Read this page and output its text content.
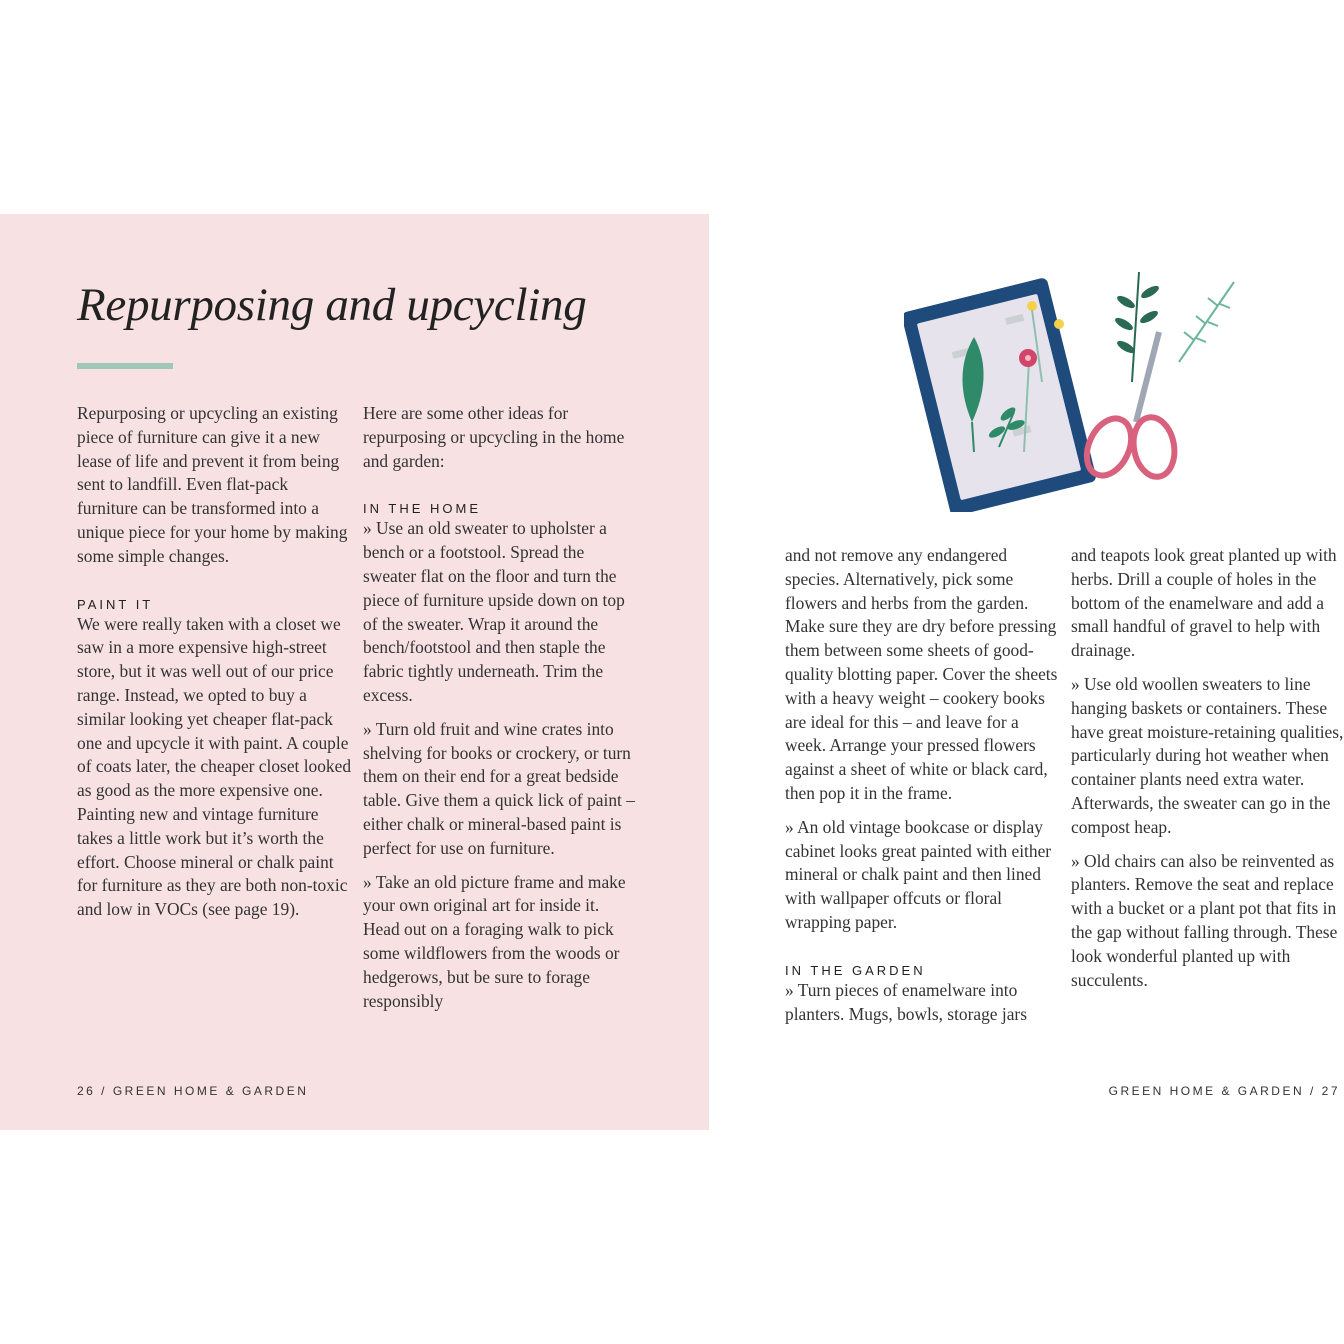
Repurposing and upcycling

Repurposing or upcycling an existing piece of furniture can give it a new lease of life and prevent it from being sent to landfill. Even flat-pack furniture can be transformed into a unique piece for your home by making some simple changes.

PAINT IT

We were really taken with a closet we saw in a more expensive high-street store, but it was well out of our price range. Instead, we opted to buy a similar looking yet cheaper flat-pack one and upcycle it with paint. A couple of coats later, the cheaper closet looked as good as the more expensive one. Painting new and vintage furniture takes a little work but it’s worth the effort. Choose mineral or chalk paint for furniture as they are both non-toxic and low in VOCs (see page 19).

Here are some other ideas for repurposing or upcycling in the home and garden:

IN THE HOME

» Use an old sweater to upholster a bench or a footstool. Spread the sweater flat on the floor and turn the piece of furniture upside down on top of the sweater. Wrap it around the bench/footstool and then staple the fabric tightly underneath. Trim the excess.

» Turn old fruit and wine crates into shelving for books or crockery, or turn them on their end for a great bedside table. Give them a quick lick of paint – either chalk or mineral-based paint is perfect for use on furniture.

» Take an old picture frame and make your own original art for inside it. Head out on a foraging walk to pick some wildflowers from the woods or hedgerows, but be sure to forage responsibly

26 / GREEN HOME & GARDEN

and not remove any endangered species. Alternatively, pick some flowers and herbs from the garden. Make sure they are dry before pressing them between some sheets of good-quality blotting paper. Cover the sheets with a heavy weight – cookery books are ideal for this – and leave for a week. Arrange your pressed flowers against a sheet of white or black card, then pop it in the frame.

» An old vintage bookcase or display cabinet looks great painted with either mineral or chalk paint and then lined with wallpaper offcuts or floral wrapping paper.

IN THE GARDEN

» Turn pieces of enamelware into planters. Mugs, bowls, storage jars

and teapots look great planted up with herbs. Drill a couple of holes in the bottom of the enamelware and add a small handful of gravel to help with drainage.

» Use old woollen sweaters to line hanging baskets or containers. These have great moisture-retaining qualities, particularly during hot weather when container plants need extra water. Afterwards, the sweater can go in the compost heap.

» Old chairs can also be reinvented as planters. Remove the seat and replace with a bucket or a plant pot that fits in the gap without falling through. These look wonderful planted up with succulents.

GREEN HOME & GARDEN / 27
